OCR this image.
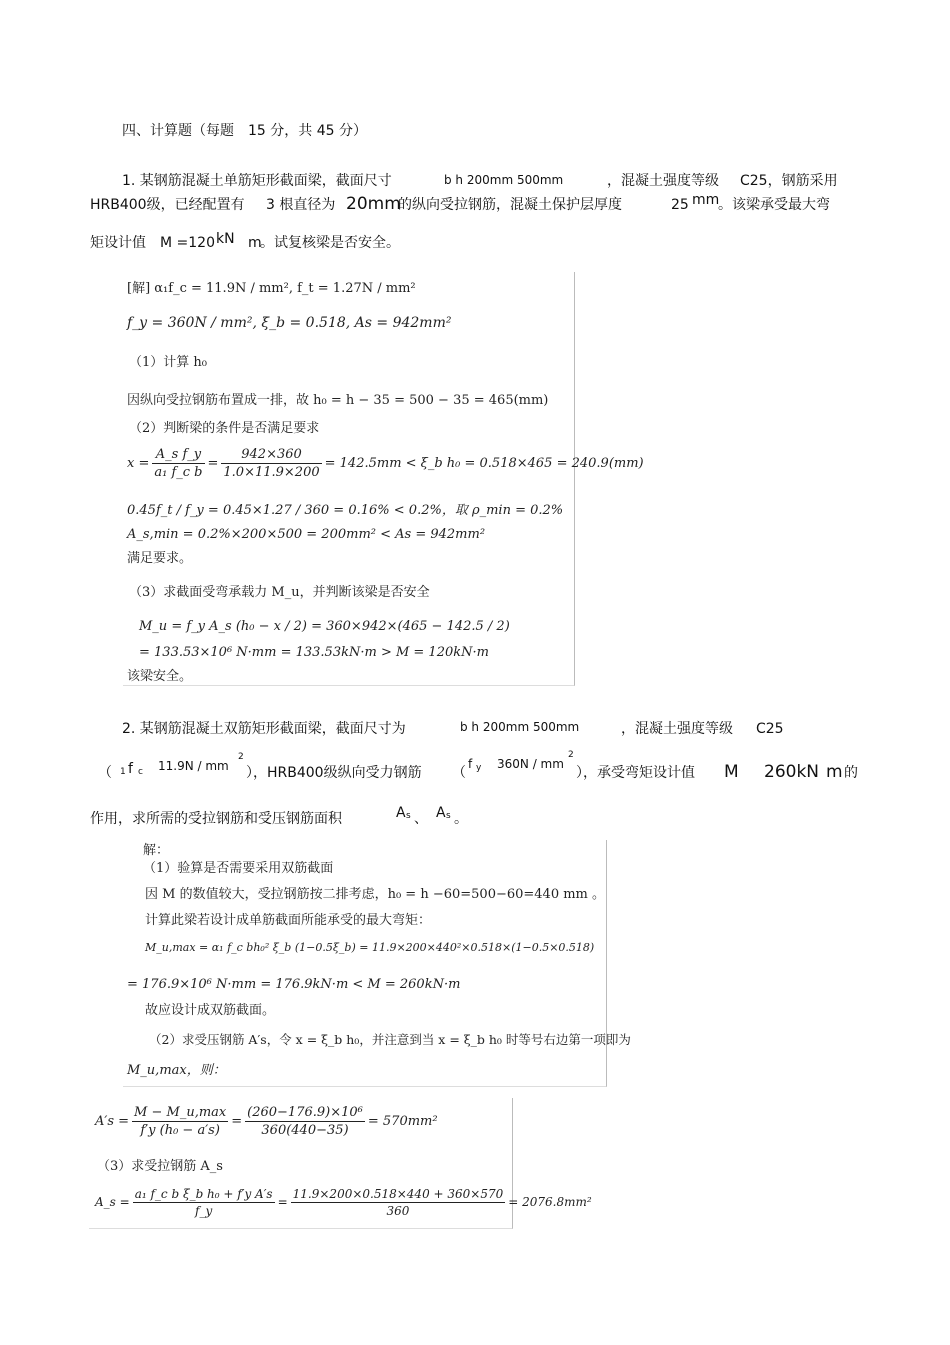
四、计算题（每题　15 分，共 45 分）
1. 某钢筋混凝土单筋矩形截面梁，截面尺寸	b h 200mm 500mm	，混凝土强度等级 C25，钢筋采用
HRB400级，已经配置有 3 根直径为 20mm
的纵向受拉钢筋，混凝土保护层厚度	25 mm
。该梁承受最大弯
矩设计值 M =120 kN m
。试复核梁是否安全。
[解] α₁f_c = 11.9N / mm², f_t = 1.27N / mm²
f_y = 360N / mm², ξ_b = 0.518, As = 942mm²
（1）计算 h₀
因纵向受拉钢筋布置成一排，故 h₀ = h − 35 = 500 − 35 = 465(mm)
（2）判断梁的条件是否满足要求
$x = \frac{\text{A\_s f\_y}}{\text{a₁ f\_c b}} = \frac{942\times 360}{1.0\times 11.9\times 200} = 142.5mm$ < ξ_b h₀ = 0.518×465 = 240.9(mm)
0.45f_t / f_y = 0.45×1.27 / 360 = 0.16% < 0.2%，取 ρ_min = 0.2%
A_s,min = 0.2%×200×500 = 200mm² < As = 942mm²
满足要求。
（3）求截面受弯承载力 M_u，并判断该梁是否安全
M_u = f_y A_s (h₀ − x / 2) = 360×942×(465 − 142.5 / 2)
= 133.53×10⁶ N·mm = 133.53kN·m > M = 120kN·m
该梁安全。
2. 某钢筋混凝土双筋矩形截面梁，截面尺寸为	b h 200mm 500mm	，混凝土强度等级 C25
（ 1 f c 11.9N / mm
2
），HRB400级纵向受力钢筋 （
f y 360N / mm
2
），承受弯矩设计值 M 260kN m 的
作用，求所需的受拉钢筋和受压钢筋面积	A s 、 A s 。
解：
（1）验算是否需要采用双筋截面
因 M 的数值较大，受拉钢筋按二排考虑，h₀ = h −60=500−60=440 mm 。
计算此梁若设计成单筋截面所能承受的最大弯矩：
M_u,max = α₁ f_c bh₀² ξ_b (1−0.5ξ_b) = 11.9×200×440²×0.518×(1−0.5×0.518)
= 176.9×10⁶ N·mm = 176.9kN·m < M = 260kN·m
故应设计成双筋截面。
（2）求受压钢筋 A′s，令 x = ξ_b h₀，并注意到当 x = ξ_b h₀ 时等号右边第一项即为
M_u,max，则：
$A's = \frac{M - M\_u,\max}{\text{f′y (h₀ − a′s)}} = \frac{\text{(260−176.9)×10⁶}}{360(440-35)} = 570mm^2$
（3）求受拉钢筋 A_s
A_s = $\frac{\text{a₁ f\_c b ξ\_b h₀ + f′y A′s}}{f\_y} = \frac{11.9\times 200\times 0.518\times 440 + 360\times 570}{360} = 2076.8mm^2$
